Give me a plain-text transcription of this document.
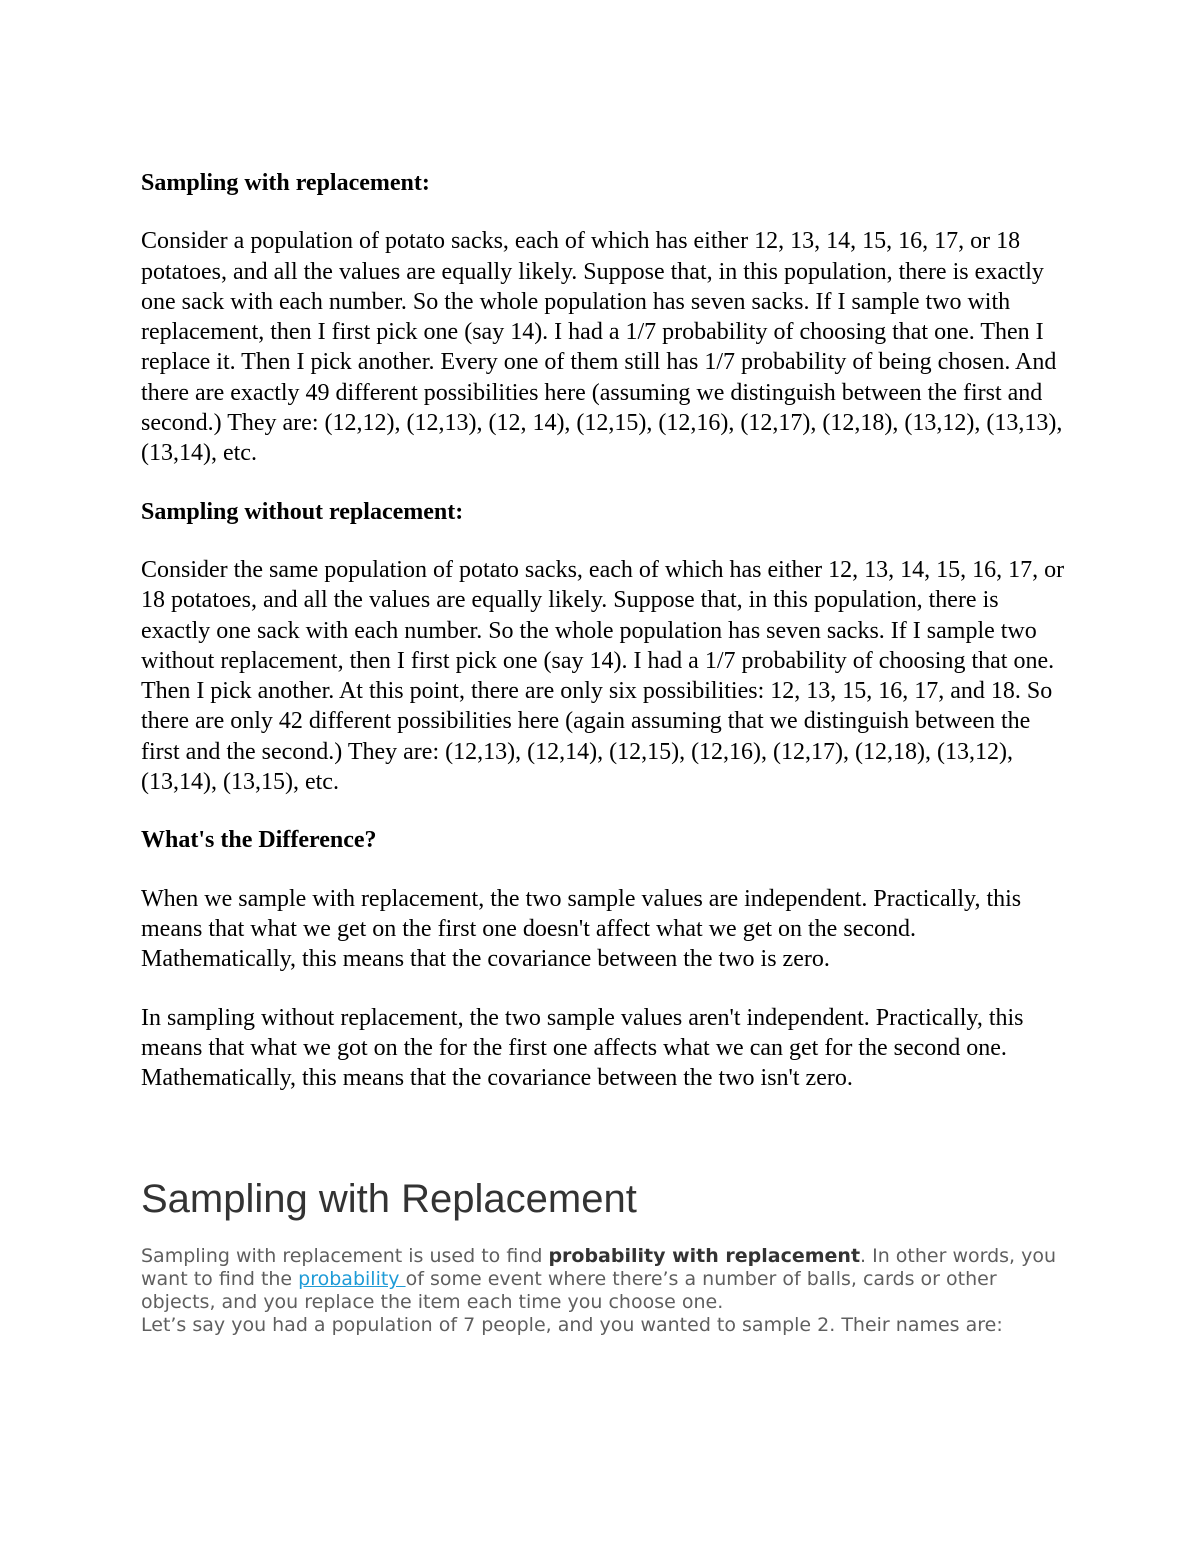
Sampling with replacement:
Consider a population of potato sacks, each of which has either 12, 13, 14, 15, 16, 17, or 18 potatoes, and all the values are equally likely. Suppose that, in this population, there is exactly one sack with each number. So the whole population has seven sacks. If I sample two with replacement, then I first pick one (say 14). I had a 1/7 probability of choosing that one. Then I replace it. Then I pick another. Every one of them still has 1/7 probability of being chosen. And there are exactly 49 different possibilities here (assuming we distinguish between the first and second.) They are: (12,12), (12,13), (12, 14), (12,15), (12,16), (12,17), (12,18), (13,12), (13,13), (13,14), etc.
Sampling without replacement:
Consider the same population of potato sacks, each of which has either 12, 13, 14, 15, 16, 17, or 18 potatoes, and all the values are equally likely. Suppose that, in this population, there is exactly one sack with each number. So the whole population has seven sacks. If I sample two without replacement, then I first pick one (say 14). I had a 1/7 probability of choosing that one. Then I pick another. At this point, there are only six possibilities: 12, 13, 15, 16, 17, and 18. So there are only 42 different possibilities here (again assuming that we distinguish between the first and the second.) They are: (12,13), (12,14), (12,15), (12,16), (12,17), (12,18), (13,12), (13,14), (13,15), etc.
What's the Difference?
When we sample with replacement, the two sample values are independent. Practically, this means that what we get on the first one doesn't affect what we get on the second. Mathematically, this means that the covariance between the two is zero.
In sampling without replacement, the two sample values aren't independent. Practically, this means that what we got on the for the first one affects what we can get for the second one. Mathematically, this means that the covariance between the two isn't zero.
Sampling with Replacement
Sampling with replacement is used to find probability with replacement. In other words, you want to find the probability of some event where there’s a number of balls, cards or other objects, and you replace the item each time you choose one.
Let’s say you had a population of 7 people, and you wanted to sample 2. Their names are:
